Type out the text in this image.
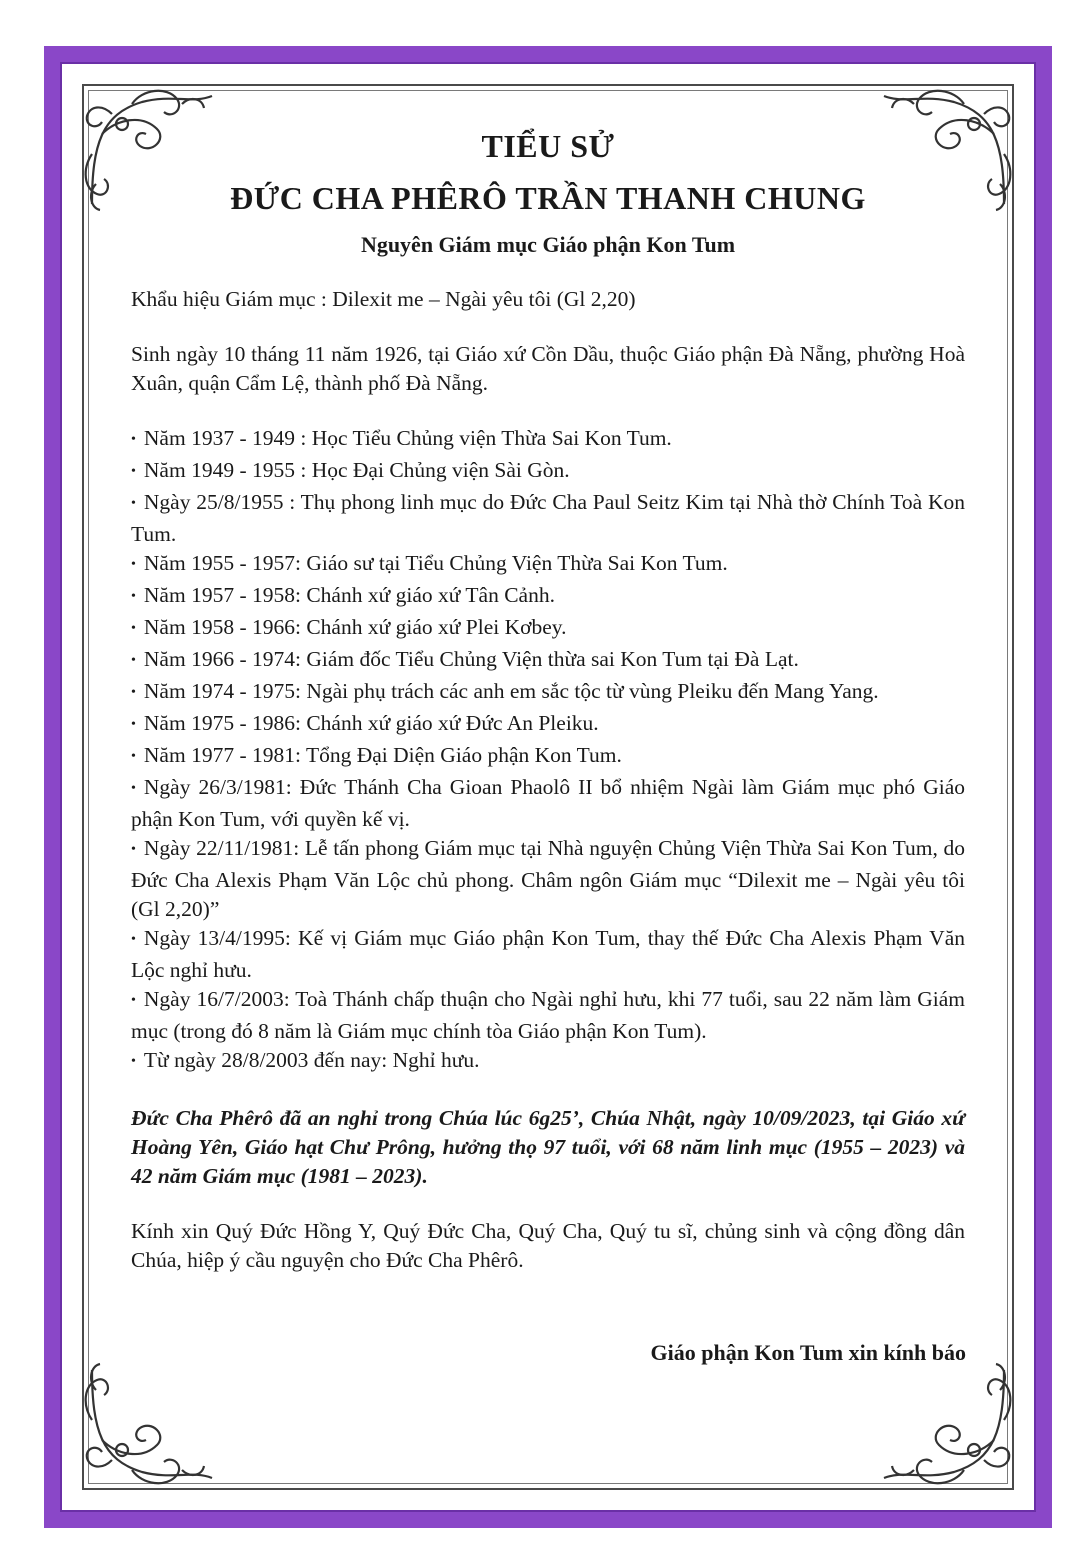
TIỂU SỬ
ĐỨC CHA PHÊRÔ TRẦN THANH CHUNG
Nguyên Giám mục Giáo phận Kon Tum
Khẩu hiệu Giám mục : Dilexit me – Ngài yêu tôi (Gl 2,20)
Sinh ngày 10 tháng 11 năm 1926, tại Giáo xứ Cồn Dầu, thuộc Giáo phận Đà Nẵng, phường Hoà Xuân, quận Cẩm Lệ, thành phố Đà Nẵng.
• Năm 1937 - 1949 : Học Tiểu Chủng viện Thừa Sai Kon Tum.
• Năm 1949 - 1955 : Học Đại Chủng viện Sài Gòn.
• Ngày 25/8/1955 : Thụ phong linh mục do Đức Cha Paul Seitz Kim tại Nhà thờ Chính Toà Kon Tum.
• Năm 1955 - 1957: Giáo sư tại Tiểu Chủng Viện Thừa Sai Kon Tum.
• Năm 1957 - 1958: Chánh xứ giáo xứ Tân Cảnh.
• Năm 1958 - 1966: Chánh xứ giáo xứ Plei Kơbey.
• Năm 1966 - 1974: Giám đốc Tiểu Chủng Viện thừa sai Kon Tum tại Đà Lạt.
• Năm 1974 - 1975: Ngài phụ trách các anh em sắc tộc từ vùng Pleiku đến Mang Yang.
• Năm 1975 - 1986: Chánh xứ giáo xứ Đức An Pleiku.
• Năm 1977 - 1981: Tổng Đại Diện Giáo phận Kon Tum.
• Ngày 26/3/1981: Đức Thánh Cha Gioan Phaolô II bổ nhiệm Ngài làm Giám mục phó Giáo phận Kon Tum, với quyền kế vị.
• Ngày 22/11/1981: Lễ tấn phong Giám mục tại Nhà nguyện Chủng Viện Thừa Sai Kon Tum, do Đức Cha Alexis Phạm Văn Lộc chủ phong. Châm ngôn Giám mục “Dilexit me – Ngài yêu tôi (Gl 2,20)”
• Ngày 13/4/1995: Kế vị Giám mục Giáo phận Kon Tum, thay thế Đức Cha Alexis Phạm Văn Lộc nghỉ hưu.
• Ngày 16/7/2003: Toà Thánh chấp thuận cho Ngài nghỉ hưu, khi 77 tuổi, sau 22 năm làm Giám mục (trong đó 8 năm là Giám mục chính tòa Giáo phận Kon Tum).
• Từ ngày 28/8/2003 đến nay: Nghỉ hưu.
Đức Cha Phêrô đã an nghỉ trong Chúa lúc 6g25’, Chúa Nhật, ngày 10/09/2023, tại Giáo xứ Hoàng Yên, Giáo hạt Chư Prông, hưởng thọ 97 tuổi, với 68 năm linh mục (1955 – 2023) và 42 năm Giám mục (1981 – 2023).
Kính xin Quý Đức Hồng Y, Quý Đức Cha, Quý Cha, Quý tu sĩ, chủng sinh và cộng đồng dân Chúa, hiệp ý cầu nguyện cho Đức Cha Phêrô.
Giáo phận Kon Tum xin kính báo
